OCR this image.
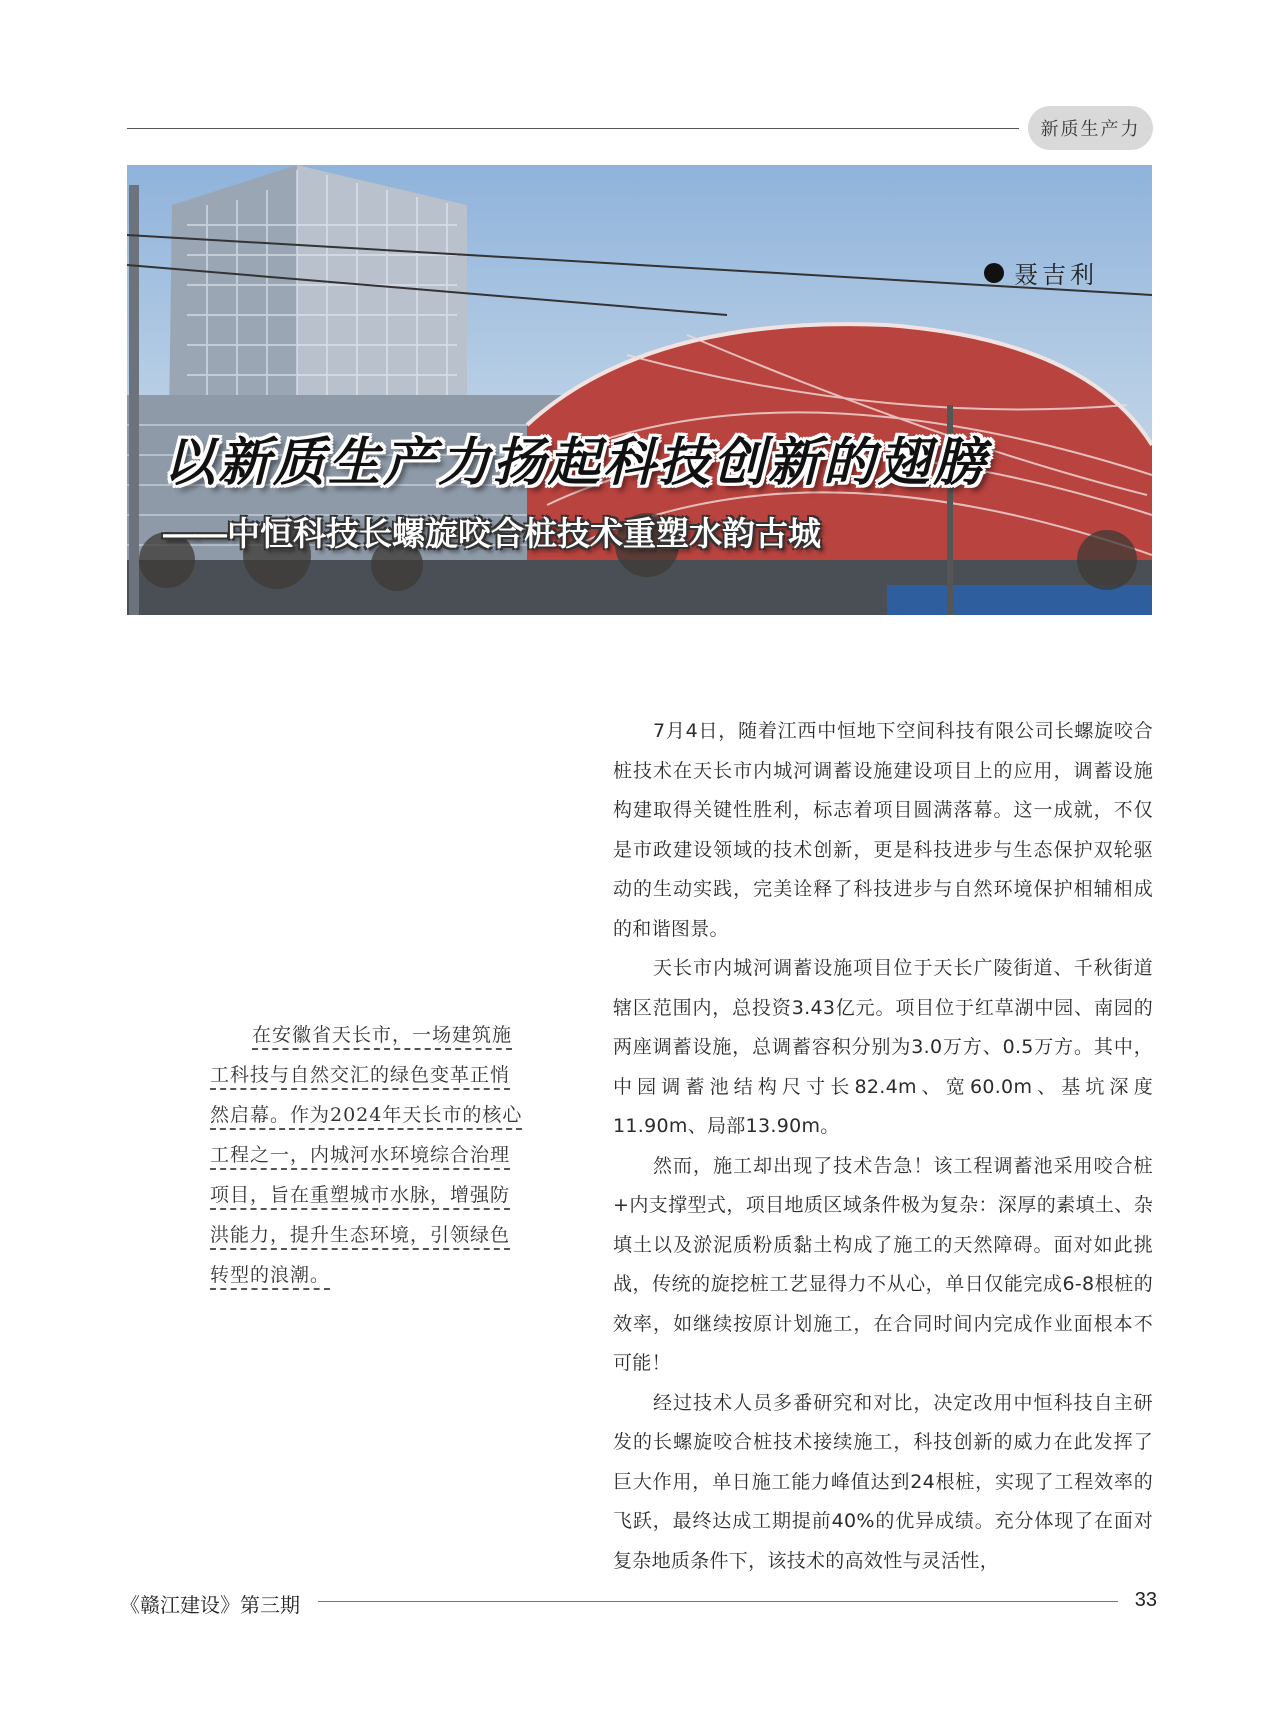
新质生产力
聂吉利
以新质生产力扬起科技创新的翅膀
——中恒科技长螺旋咬合桩技术重塑水韵古城

在安徽省天长市，一场建筑施工科技与自然交汇的绿色变革正悄然启幕。作为2024年天长市的核心工程之一，内城河水环境综合治理项目，旨在重塑城市水脉，增强防洪能力，提升生态环境，引领绿色转型的浪潮。

7月4日，随着江西中恒地下空间科技有限公司长螺旋咬合桩技术在天长市内城河调蓄设施建设项目上的应用，调蓄设施构建取得关键性胜利，标志着项目圆满落幕。这一成就，不仅是市政建设领域的技术创新，更是科技进步与生态保护双轮驱动的生动实践，完美诠释了科技进步与自然环境保护相辅相成的和谐图景。

天长市内城河调蓄设施项目位于天长广陵街道、千秋街道辖区范围内，总投资3.43亿元。项目位于红草湖中园、南园的两座调蓄设施，总调蓄容积分别为3.0万方、0.5万方。其中，中园调蓄池结构尺寸长82.4m、宽60.0m、基坑深度11.90m、局部13.90m。

然而，施工却出现了技术告急！该工程调蓄池采用咬合桩+内支撑型式，项目地质区域条件极为复杂：深厚的素填土、杂填土以及淤泥质粉质黏土构成了施工的天然障碍。面对如此挑战，传统的旋挖桩工艺显得力不从心，单日仅能完成6-8根桩的效率，如继续按原计划施工，在合同时间内完成作业面根本不可能！

经过技术人员多番研究和对比，决定改用中恒科技自主研发的长螺旋咬合桩技术接续施工，科技创新的威力在此发挥了巨大作用，单日施工能力峰值达到24根桩，实现了工程效率的飞跃，最终达成工期提前40%的优异成绩。充分体现了在面对复杂地质条件下，该技术的高效性与灵活性，

《赣江建设》第三期	33
